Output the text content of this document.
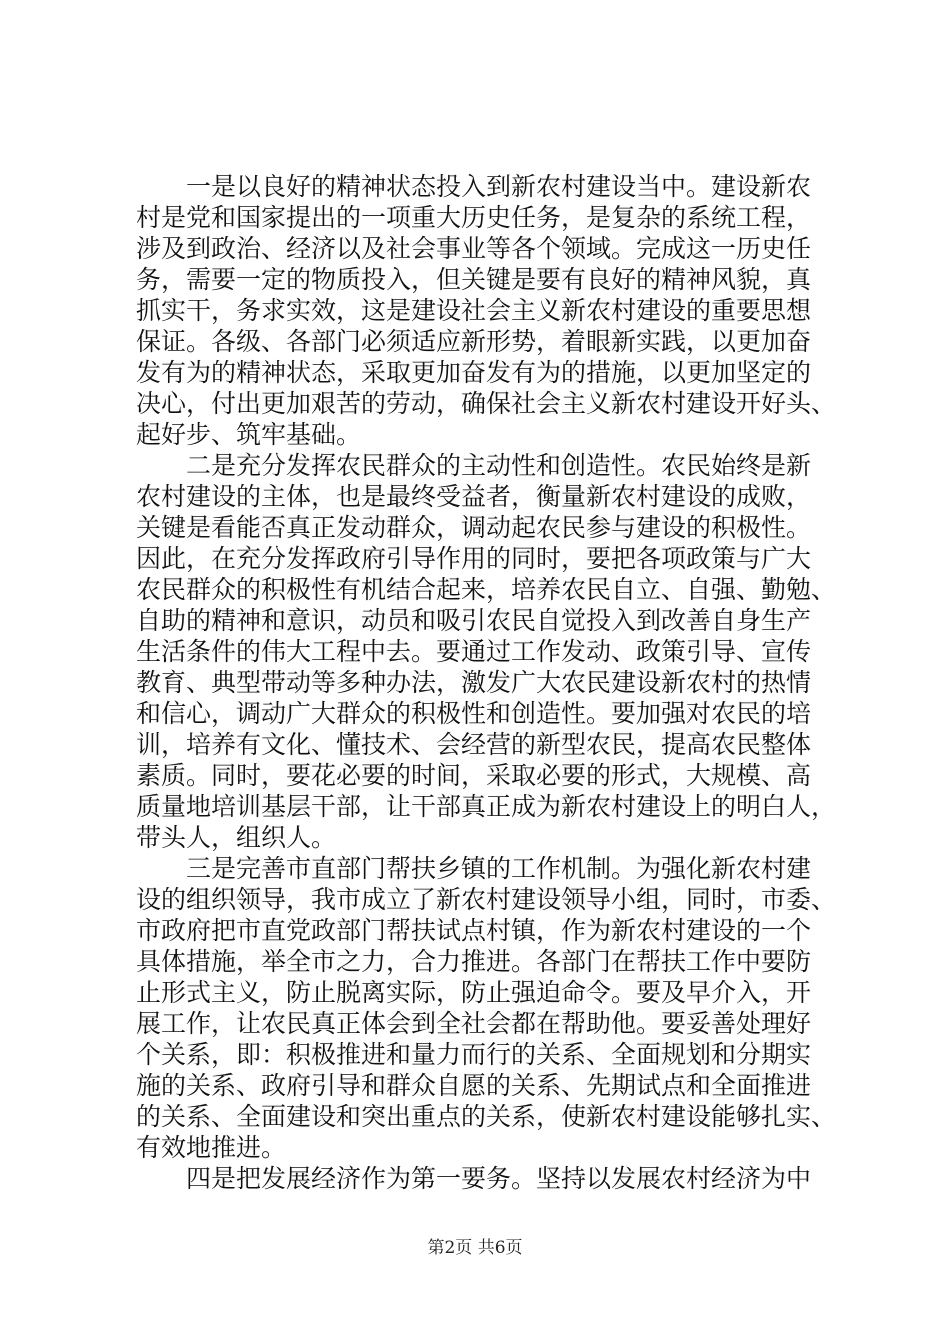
一是以良好的精神状态投入到新农村建设当中。建设新农
村是党和国家提出的一项重大历史任务，是复杂的系统工程，
涉及到政治、经济以及社会事业等各个领域。完成这一历史任
务，需要一定的物质投入，但关键是要有良好的精神风貌，真
抓实干，务求实效，这是建设社会主义新农村建设的重要思想
保证。各级、各部门必须适应新形势，着眼新实践，以更加奋
发有为的精神状态，采取更加奋发有为的措施，以更加坚定的
决心，付出更加艰苦的劳动，确保社会主义新农村建设开好头、
起好步、筑牢基础。
二是充分发挥农民群众的主动性和创造性。农民始终是新
农村建设的主体，也是最终受益者，衡量新农村建设的成败，
关键是看能否真正发动群众，调动起农民参与建设的积极性。
因此，在充分发挥政府引导作用的同时，要把各项政策与广大
农民群众的积极性有机结合起来，培养农民自立、自强、勤勉、
自助的精神和意识，动员和吸引农民自觉投入到改善自身生产
生活条件的伟大工程中去。要通过工作发动、政策引导、宣传
教育、典型带动等多种办法，激发广大农民建设新农村的热情
和信心，调动广大群众的积极性和创造性。要加强对农民的培
训，培养有文化、懂技术、会经营的新型农民，提高农民整体
素质。同时，要花必要的时间，采取必要的形式，大规模、高
质量地培训基层干部，让干部真正成为新农村建设上的明白人，
带头人，组织人。
三是完善市直部门帮扶乡镇的工作机制。为强化新农村建
设的组织领导，我市成立了新农村建设领导小组，同时，市委、
市政府把市直党政部门帮扶试点村镇，作为新农村建设的一个
具体措施，举全市之力，合力推进。各部门在帮扶工作中要防
止形式主义，防止脱离实际，防止强迫命令。要及早介入，开
展工作，让农民真正体会到全社会都在帮助他。要妥善处理好
个关系，即：积极推进和量力而行的关系、全面规划和分期实
施的关系、政府引导和群众自愿的关系、先期试点和全面推进
的关系、全面建设和突出重点的关系，使新农村建设能够扎实、
有效地推进。
四是把发展经济作为第一要务。坚持以发展农村经济为中
第2页 共6页
